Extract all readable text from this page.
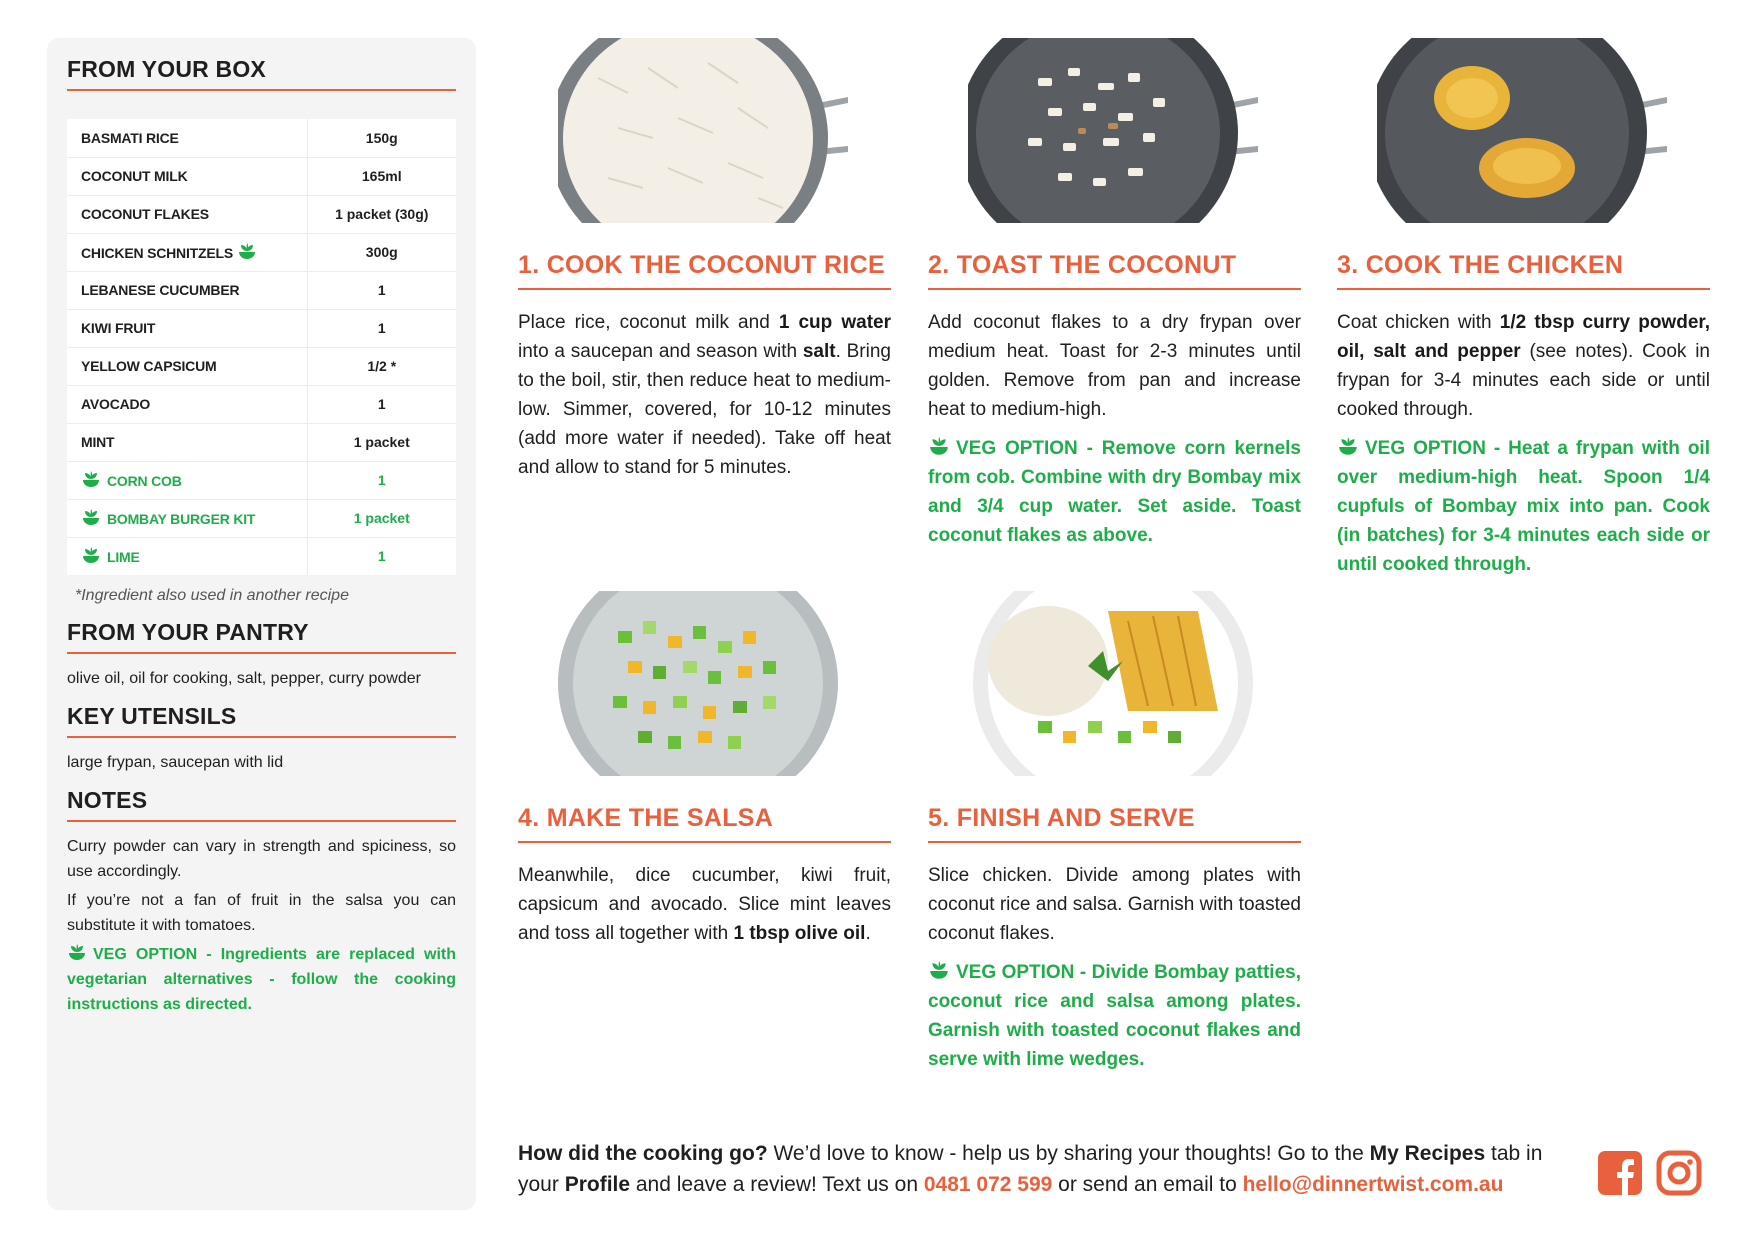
FROM YOUR BOX
BASMATI RICE	150g
COCONUT MILK	165ml
COCONUT FLAKES	1 packet (30g)
CHICKEN SCHNITZELS	300g
LEBANESE CUCUMBER	1
KIWI FRUIT	1
YELLOW CAPSICUM	1/2 *
AVOCADO	1
MINT	1 packet
CORN COB	1
BOMBAY BURGER KIT	1 packet
LIME	1
*Ingredient also used in another recipe
FROM YOUR PANTRY
olive oil, oil for cooking, salt, pepper, curry powder
KEY UTENSILS
large frypan, saucepan with lid
NOTES
Curry powder can vary in strength and spiciness, so use accordingly.
If you’re not a fan of fruit in the salsa you can substitute it with tomatoes.
VEG OPTION - Ingredients are replaced with vegetarian alternatives - follow the cooking instructions as directed.
1. COOK THE COCONUT RICE
Place rice, coconut milk and 1 cup water into a saucepan and season with salt. Bring to the boil, stir, then reduce heat to medium-low. Simmer, covered, for 10-12 minutes (add more water if needed). Take off heat and allow to stand for 5 minutes.
2. TOAST THE COCONUT
Add coconut flakes to a dry frypan over medium heat. Toast for 2-3 minutes until golden. Remove from pan and increase heat to medium-high.
VEG OPTION - Remove corn kernels from cob. Combine with dry Bombay mix and 3/4 cup water. Set aside. Toast coconut flakes as above.
3. COOK THE CHICKEN
Coat chicken with 1/2 tbsp curry powder, oil, salt and pepper (see notes). Cook in frypan for 3-4 minutes each side or until cooked through.
VEG OPTION - Heat a frypan with oil over medium-high heat. Spoon 1/4 cupfuls of Bombay mix into pan. Cook (in batches) for 3-4 minutes each side or until cooked through.
4. MAKE THE SALSA
Meanwhile, dice cucumber, kiwi fruit, capsicum and avocado. Slice mint leaves and toss all together with 1 tbsp olive oil.
5. FINISH AND SERVE
Slice chicken. Divide among plates with coconut rice and salsa. Garnish with toasted coconut flakes.
VEG OPTION - Divide Bombay patties, coconut rice and salsa among plates. Garnish with toasted coconut flakes and serve with lime wedges.
How did the cooking go? We’d love to know - help us by sharing your thoughts! Go to the My Recipes tab in your Profile and leave a review! Text us on 0481 072 599 or send an email to hello@dinnertwist.com.au
